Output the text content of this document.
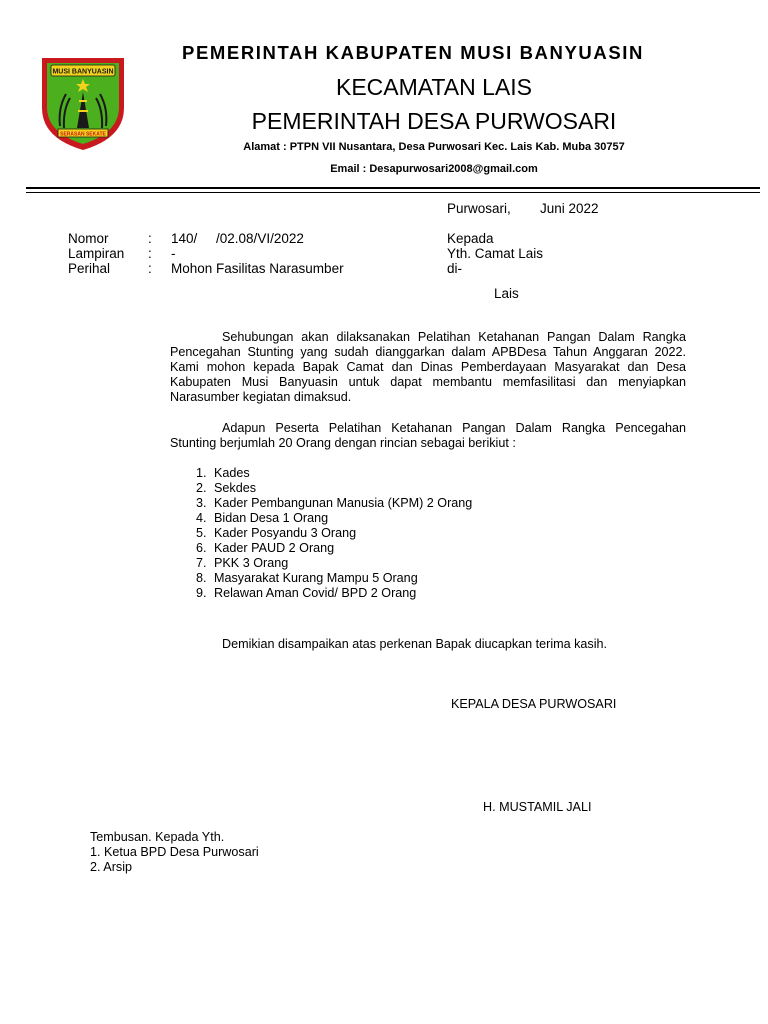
MUSI BANYUASIN
SERASAN SEKATE
PEMERINTAH KABUPATEN MUSI BANYUASIN
KECAMATAN LAIS
PEMERINTAH DESA PURWOSARI
Alamat : PTPN VII Nusantara, Desa Purwosari Kec. Lais Kab. Muba 30757
Email : Desapurwosari2008@gmail.com
Purwosari, Juni 2022
Nomor	: 140/     /02.08/VI/2022
Lampiran : -
Perihal	: Mohon Fasilitas Narasumber
Kepada
Yth. Camat Lais
di-
Lais
Sehubungan akan dilaksanakan Pelatihan Ketahanan Pangan Dalam Rangka Pencegahan Stunting yang sudah dianggarkan dalam APBDesa Tahun Anggaran 2022. Kami mohon kepada Bapak Camat dan Dinas Pemberdayaan Masyarakat dan Desa Kabupaten Musi Banyuasin untuk dapat membantu memfasilitasi dan menyiapkan Narasumber kegiatan dimaksud.
Adapun Peserta Pelatihan Ketahanan Pangan Dalam Rangka Pencegahan Stunting berjumlah 20 Orang dengan rincian sebagai berikiut :
1. Kades
2. Sekdes
3. Kader Pembangunan Manusia (KPM) 2 Orang
4. Bidan Desa 1 Orang
5. Kader Posyandu 3 Orang
6. Kader PAUD 2 Orang
7. PKK 3 Orang
8. Masyarakat Kurang Mampu 5 Orang
9. Relawan Aman Covid/ BPD 2 Orang
Demikian disampaikan atas perkenan Bapak diucapkan terima kasih.
KEPALA DESA PURWOSARI
H. MUSTAMIL JALI
Tembusan. Kepada Yth.
1. Ketua BPD Desa Purwosari
2. Arsip
